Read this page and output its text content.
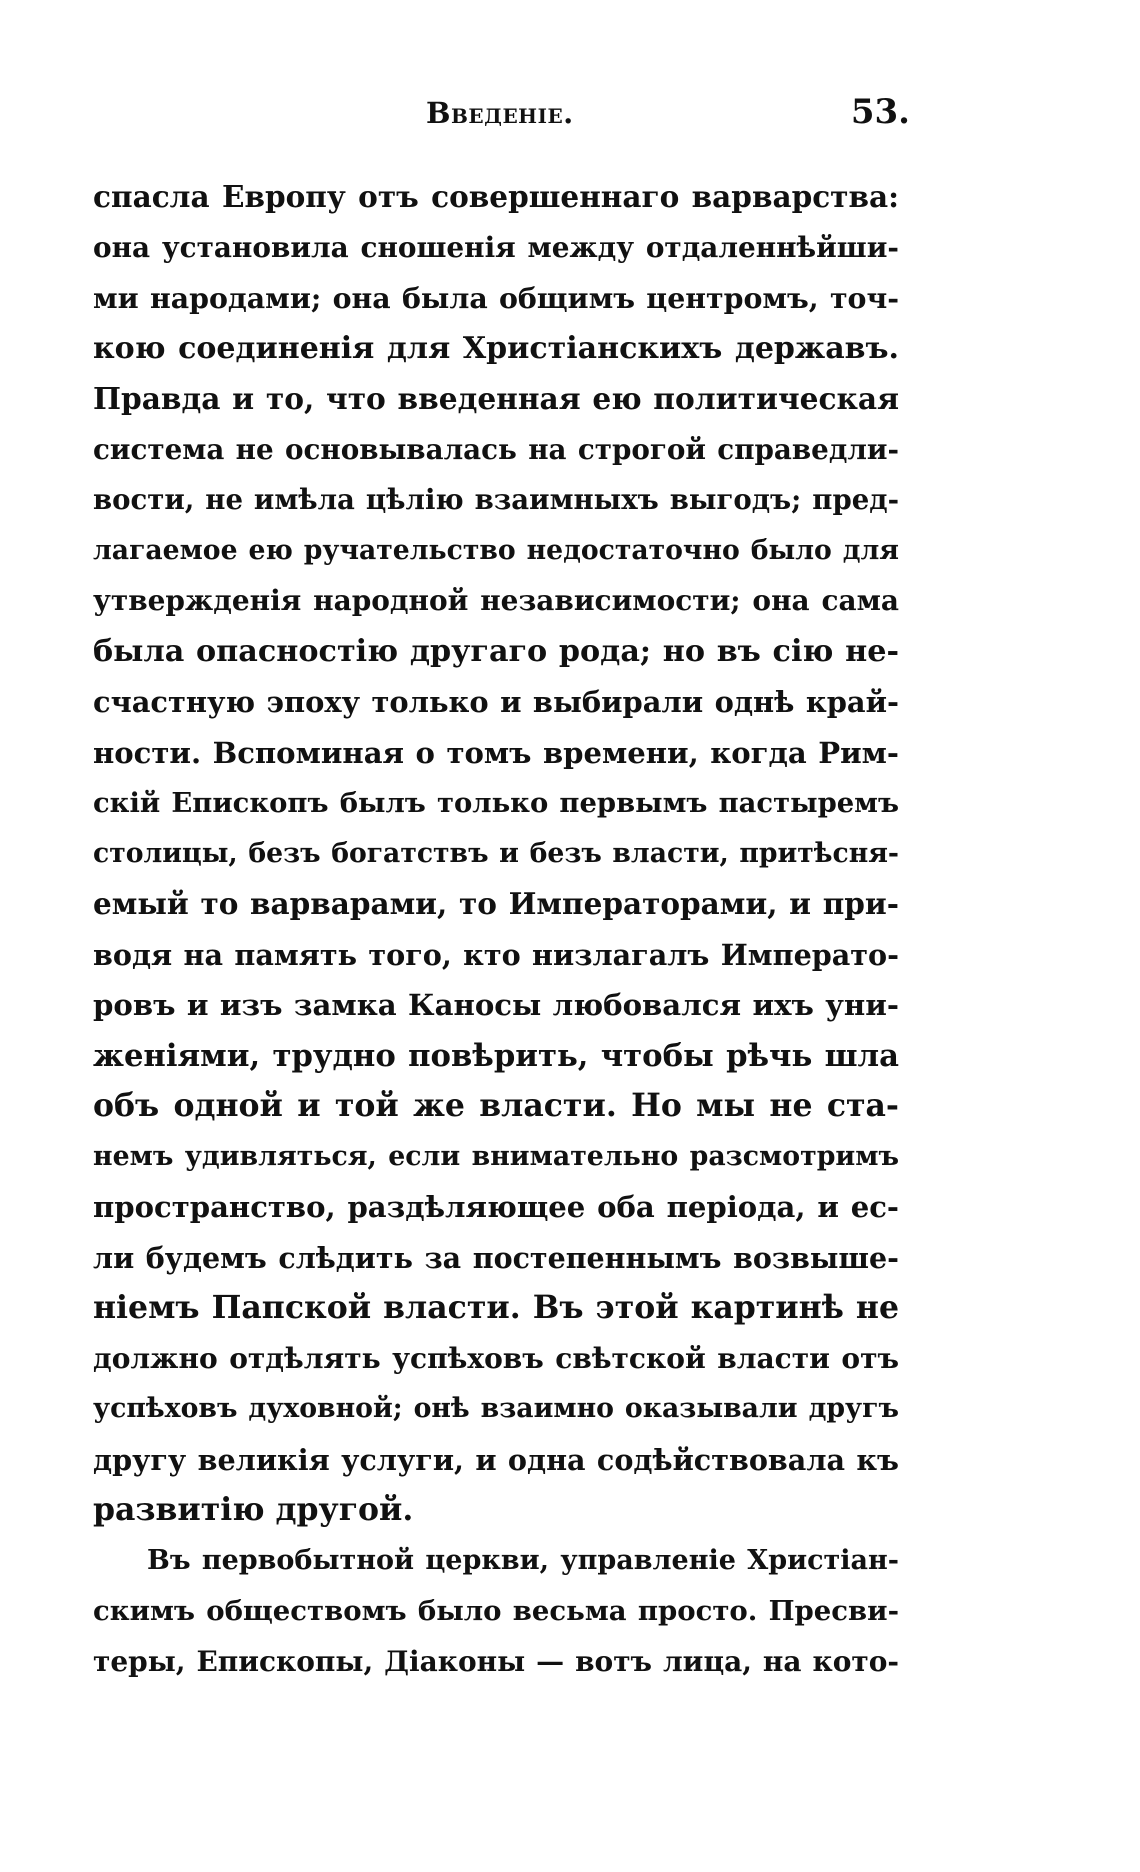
Введеніе.	53.
спасла Европу отъ совершеннаго варварства:
она установила сношенія между отдаленнѣйши-
ми народами; она была общимъ центромъ, точ-
кою соединенія для Христіанскихъ державъ.
Правда и то, что введенная ею политическая
система не основывалась на строгой справедли-
вости, не имѣла цѣлію взаимныхъ выгодъ; пред-
лагаемое ею ручательство недостаточно было для
утвержденія народной независимости; она сама
была опасностію другаго рода; но въ сію не-
счастную эпоху только и выбирали однѣ край-
ности. Вспоминая о томъ времени, когда Рим-
скій Епископъ былъ только первымъ пастыремъ
столицы, безъ богатствъ и безъ власти, притѣсня-
емый то варварами, то Императорами, и при-
водя на память того, кто низлагалъ Императо-
ровъ и изъ замка Каносы любовался ихъ уни-
женіями, трудно повѣрить, чтобы рѣчь шла
объ одной и той же власти. Но мы не ста-
немъ удивляться, если внимательно разсмотримъ
пространство, раздѣляющее оба періода, и ес-
ли будемъ слѣдить за постепеннымъ возвыше-
ніемъ Папской власти. Въ этой картинѣ не
должно отдѣлять успѣховъ свѣтской власти отъ
успѣховъ духовной; онѣ взаимно оказывали другъ
другу великія услуги, и одна содѣйствовала къ
развитію другой.
Въ первобытной церкви, управленіе Христіан-
скимъ обществомъ было весьма просто. Пресви-
теры, Епископы, Діаконы — вотъ лица, на кото-
